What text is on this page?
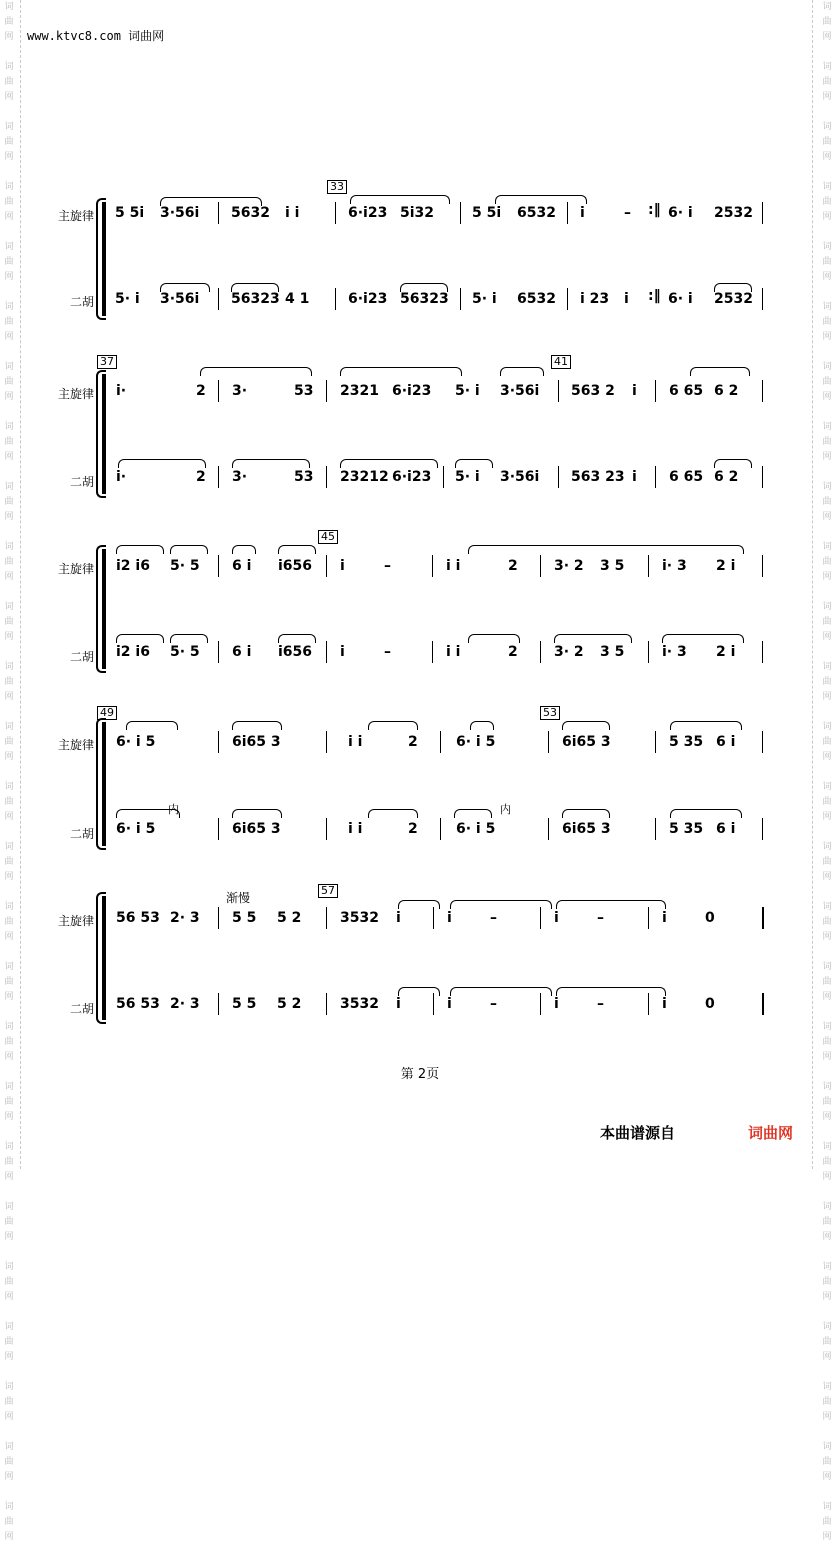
词
曲
网
词
曲
网
词
曲
网
词
曲
网
词
曲
网
词
曲
网
词
曲
网
词
曲
网
词
曲
网
词
曲
网
词
曲
网
词
曲
网
词
曲
网
词
曲
网
词
曲
网
词
曲
网
词
曲
网
词
曲
网
词
曲
网
词
曲
网
词
曲
网
词
曲
网
词
曲
网
词
曲
网
词
曲
网
词
曲
网
词
曲
网
词
曲
网
词
曲
网
词
曲
网
词
曲
网
词
曲
网
词
曲
网
词
曲
网
词
曲
网
词
曲
网
词
曲
网
词
曲
网
词
曲
网
词
曲
网
词
曲
网
词
曲
网
词
曲
网
词
曲
网
词
曲
网
词
曲
网
词
曲
网
词
曲
网
词
曲
网
词
曲
网
词
曲
网
词
曲
网
www.ktvc8.com 词曲网
主旋律
二胡
33
5 5i 3·56i 5632 i i	6·i23 5i32	5 5i 6532 i	– :‖ 6· i 2532
5· i 3·56i 56323 4 1	6·i23 56323 5· i 6532 i 23 i :‖ 6· i 2532
主旋律
二胡
37	41
i·	2 3·	53 2321 6·i23 5· i 3·56i 563 2 i 6 65 6 2
i·	2 3·	53 23212 6·i23 5· i 3·56i 563 23 i 6 65 6 2
主旋律
二胡
45
i2 i6 5· 5 6 i i656 i	–	i i	2	3· 2 3 5	i· 3 2 i
i2 i6 5· 5 6 i i656 i	–	i i	2	3· 2 3 5	i· 3 2 i
主旋律
二胡
49	53
6· i 5	6i65 3	i i	2	6· i 5	6i65 3	5 35 6 i
内	内
6· i 5	6i65 3	i i	2	6· i 5	6i65 3	5 35 6 i
主旋律
二胡
渐慢
57
56 53 2· 3 5 5 5 2	3532 i	i	–	i	–	i	0
56 53 2· 3 5 5 5 2	3532 i	i	–	i	–	i	0
第 2页
本曲谱源自	词曲网
